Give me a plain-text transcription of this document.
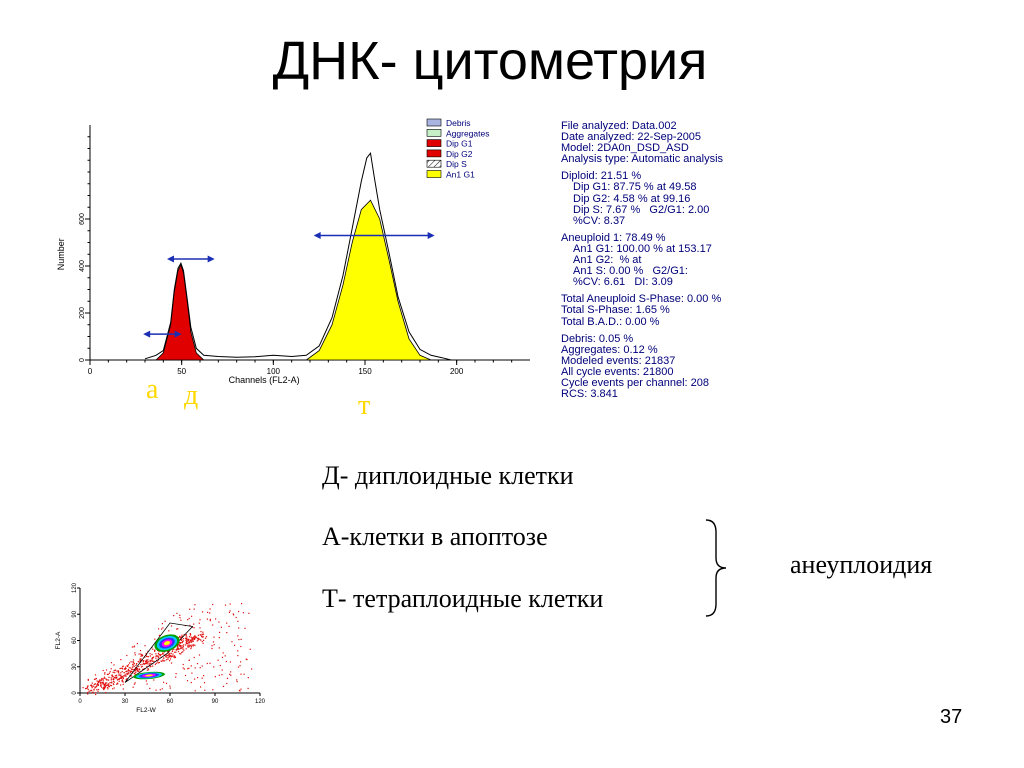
ДНК- цитометрия
0
200
400
600
0	50	100	150	200
Channels (FL2-A)
Number
Debris
Aggregates
Dip G1
Dip G2
Dip S
An1 G1
File analyzed: Data.002
Date analyzed: 22-Sep-2005
Model: 2DA0n_DSD_ASD
Analysis type: Automatic analysis
Diploid: 21.51 %
Dip G1: 87.75 % at 49.58
Dip G2: 4.58 % at 99.16
Dip S: 7.67 %   G2/G1: 2.00
%CV: 8.37
Aneuploid 1: 78.49 %
An1 G1: 100.00 % at 153.17
An1 G2:  % at
An1 S: 0.00 %   G2/G1:
%CV: 6.61   DI: 3.09
Total Aneuploid S-Phase: 0.00 %
Total S-Phase: 1.65 %
Total B.A.D.: 0.00 %
Debris: 0.05 %
Aggregates: 0.12 %
Modeled events: 21837
All cycle events: 21800
Cycle events per channel: 208
RCS: 3.841
а д	т
Д- диплоидные клетки
А-клетки в апоптозе
Т- тетраплоидные клетки
анеуплоидия
0	30	60	90	120
0
30
60
90
120
FL2-W
FL2-A
37
